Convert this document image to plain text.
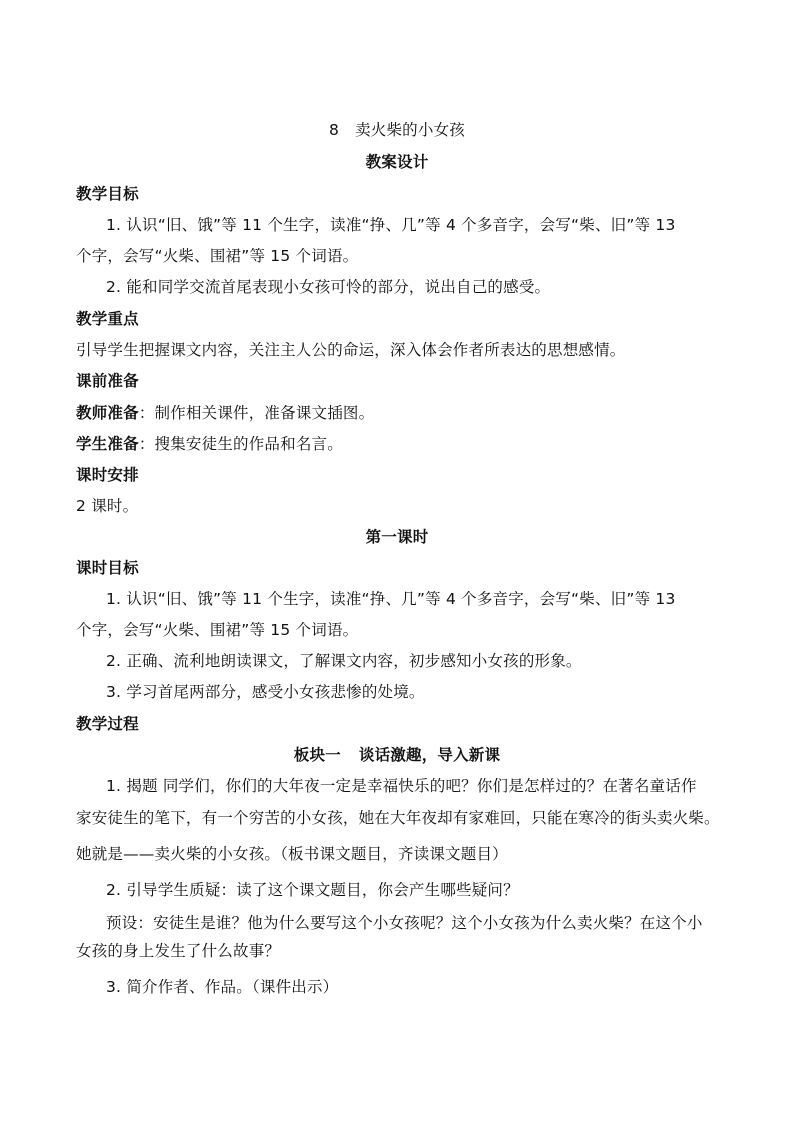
8 卖火柴的小女孩
教案设计
教学目标
1. 认识“旧、饿”等 11 个生字，读准“挣、几”等 4 个多音字，会写“柴、旧”等 13
个字，会写“火柴、围裙”等 15 个词语。
2. 能和同学交流首尾表现小女孩可怜的部分，说出自己的感受。
教学重点
引导学生把握课文内容，关注主人公的命运，深入体会作者所表达的思想感情。
课前准备
教师准备：制作相关课件，准备课文插图。
学生准备：搜集安徒生的作品和名言。
课时安排
2 课时。
第一课时
课时目标
1. 认识“旧、饿”等 11 个生字，读准“挣、几”等 4 个多音字，会写“柴、旧”等 13
个字，会写“火柴、围裙”等 15 个词语。
2. 正确、流利地朗读课文，了解课文内容，初步感知小女孩的形象。
3. 学习首尾两部分，感受小女孩悲惨的处境。
教学过程
板块一 谈话激趣，导入新课
1. 揭题 同学们，你们的大年夜一定是幸福快乐的吧？你们是怎样过的？在著名童话作
家安徒生的笔下，有一个穷苦的小女孩，她在大年夜却有家难回，只能在寒冷的街头卖火柴。
她就是——卖火柴的小女孩。（板书课文题目，齐读课文题目）
2. 引导学生质疑：读了这个课文题目，你会产生哪些疑问？
预设：安徒生是谁？他为什么要写这个小女孩呢？这个小女孩为什么卖火柴？在这个小
女孩的身上发生了什么故事？
3. 简介作者、作品。（课件出示）
